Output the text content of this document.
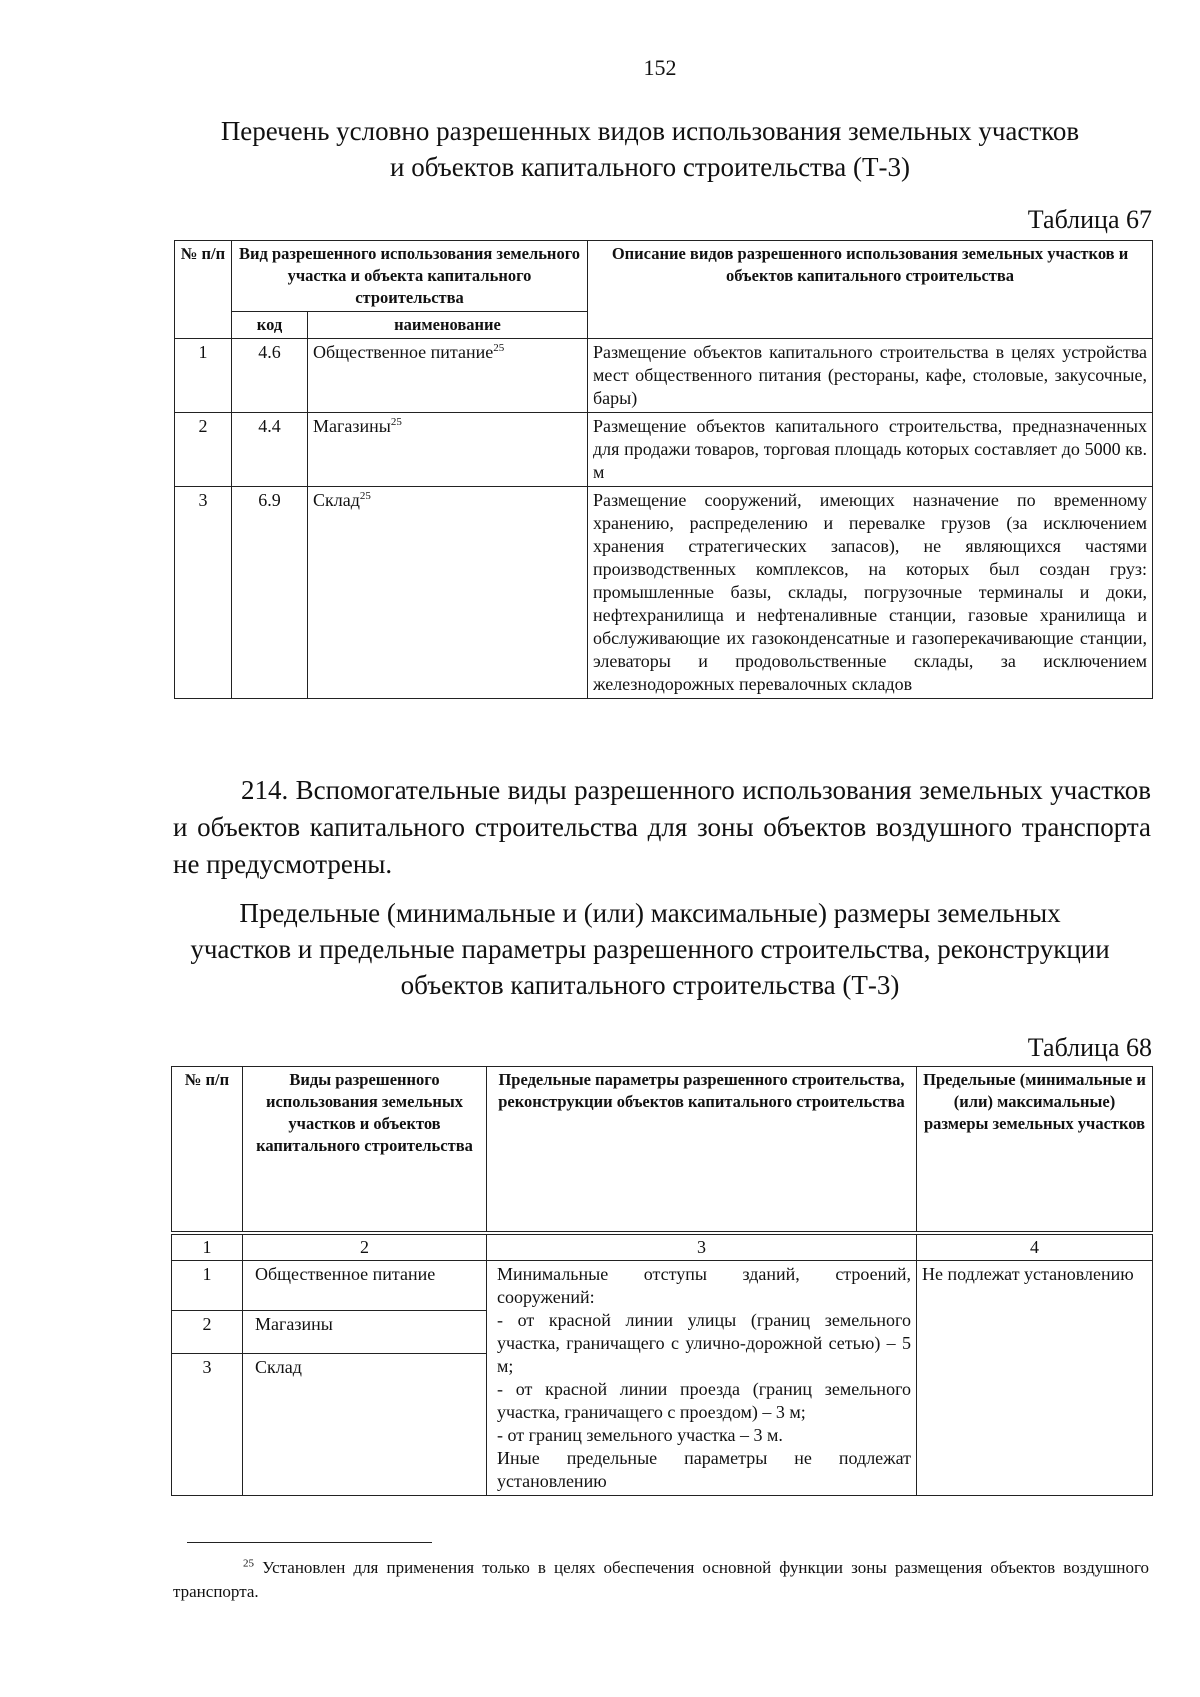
152
Перечень условно разрешенных видов использования земельных участков
и объектов капитального строительства (Т-3)
Таблица 67
№ п/п	Вид разрешенного использования земельного участка и объекта капитального строительства		Описание видов разрешенного использования земельных участков и объектов капитального строительства
	код	наименование	
1	4.6	Общественное питание$^{25}$	Размещение объектов капитального строительства в целях устройства мест общественного питания (рестораны, кафе, столовые, закусочные, бары)
2	4.4	Магазины$^{25}$	Размещение объектов капитального строительства, предназначенных для продажи товаров, торговая площадь которых составляет до 5000 кв. м
3	6.9	Склад$^{25}$	Размещение сооружений, имеющих назначение по временному хранению, распределению и перевалке грузов (за исключением хранения стратегических запасов), не являющихся частями производственных комплексов, на которых был создан груз: промышленные базы, склады, погрузочные терминалы и доки, нефтехранилища и нефтеналивные станции, газовые хранилища и обслуживающие их газоконденсатные и газоперекачивающие станции, элеваторы и продовольственные склады, за исключением железнодорожных перевалочных складов
214. Вспомогательные виды разрешенного использования земельных участков и объектов капитального строительства для зоны объектов воздушного транспорта не предусмотрены.
Предельные (минимальные и (или) максимальные) размеры земельных
участков и предельные параметры разрешенного строительства, реконструкции
объектов капитального строительства (Т-3)
Таблица 68
№ п/п	Виды разрешенного использования земельных участков и объектов капитального строительства	Предельные параметры разрешенного строительства, реконструкции объектов капитального строительства	Предельные (минимальные и (или) максимальные) размеры земельных участков

1	2	3	4
1	Общественное питание	Минимальные отступы зданий, строений, сооружений:
- от красной линии улицы (границ земельного участка, граничащего с улично-дорожной сетью) – 5 м;
- от красной линии проезда (границ земельного участка, граничащего с проездом) – 3 м;
- от границ земельного участка – 3 м.
Иные предельные параметры не подлежат установлению	Не подлежат установлению
2	Магазины		
3	Склад		
$^{25}$ Установлен для применения только в целях обеспечения основной функции зоны размещения объектов воздушного транспорта.
